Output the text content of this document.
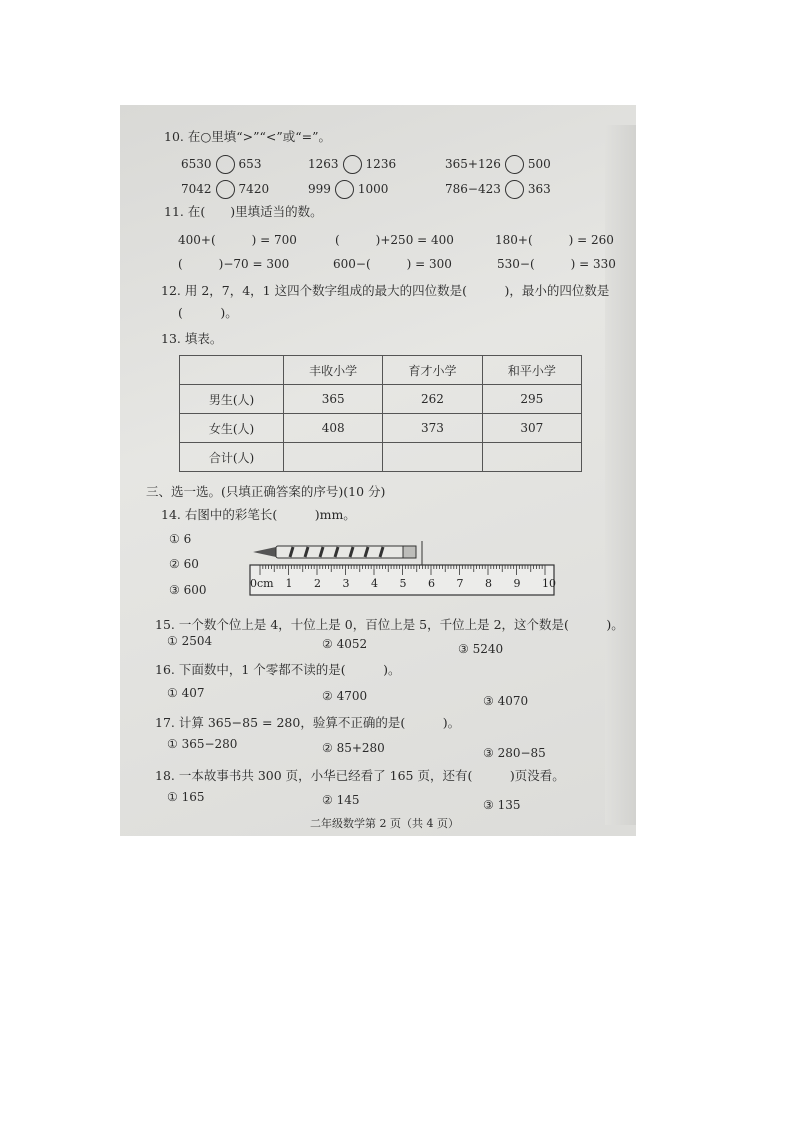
10. 在○里填“>”“<”或“=”。
6530 653	1263 1236	365+126 500
7042 7420	999 1000	786−423 363
11. 在(　　)里填适当的数。
400+(　　　) = 700	(　　　)+250 = 400	180+(　　　) = 260
(　　　)−70 = 300	600−(　　　) = 300	530−(　　　) = 330
12. 用 2，7，4，1 这四个数字组成的最大的四位数是(　　　)，最小的四位数是
(　　　)。
13. 填表。
	丰收小学	育才小学	和平小学
男生(人)	365	262	295
女生(人)	408	373	307
合计(人)			
三、选一选。(只填正确答案的序号)(10 分)
14. 右图中的彩笔长(　　　)mm。
① 6
② 60
③ 600	0cm 1 2 3 4 5 6 7 8 9 10
15. 一个数个位上是 4，十位上是 0，百位上是 5，千位上是 2，这个数是(　　　)。
① 2504	② 4052	③ 5240
16. 下面数中，1 个零都不读的是(　　　)。
① 407	② 4700	③ 4070
17. 计算 365−85 = 280，验算不正确的是(　　　)。
① 365−280	② 85+280	③ 280−85
18. 一本故事书共 300 页，小华已经看了 165 页，还有(　　　)页没看。
① 165	② 145	③ 135
二年级数学第 2 页（共 4 页）
